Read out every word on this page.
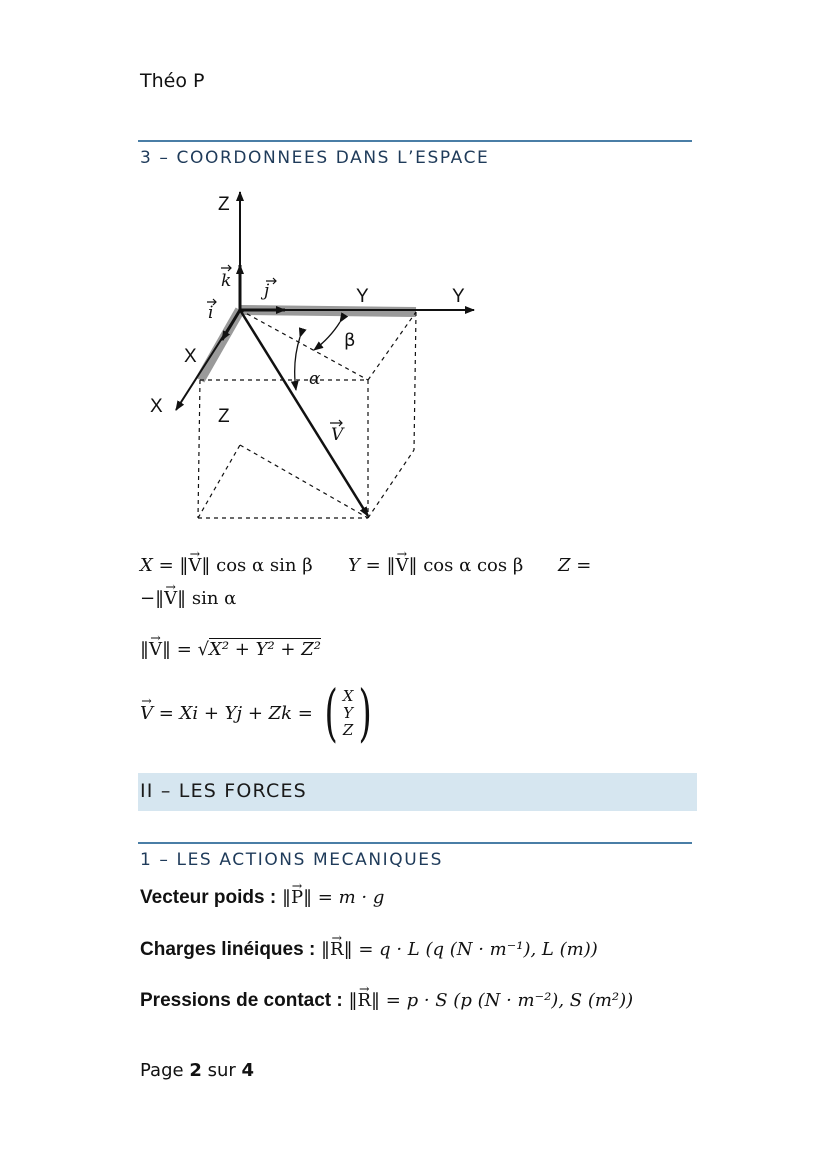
Théo P
3 – COORDONNEES DANS L’ESPACE
Z
Y
X
Y
X
Z
k j
i
α
V
β
X = ‖→ V‖ cos α sin β Y = ‖→ V‖ cos α cos β Z =
−‖→ V‖ sin α
‖→ V‖ = √X² + Y² + Z²
→ V
= Xi + Yj + Zk =
( X
Y
Z )
II – LES FORCES
1 – LES ACTIONS MECANIQUES
Vecteur poids : ‖→ P‖ = m · g
Charges linéiques : ‖→ R‖ = q · L (q (N · m⁻¹), L (m))
Pressions de contact : ‖→ R‖ = p · S (p (N · m⁻²), S (m²))
Page 2 sur 4
